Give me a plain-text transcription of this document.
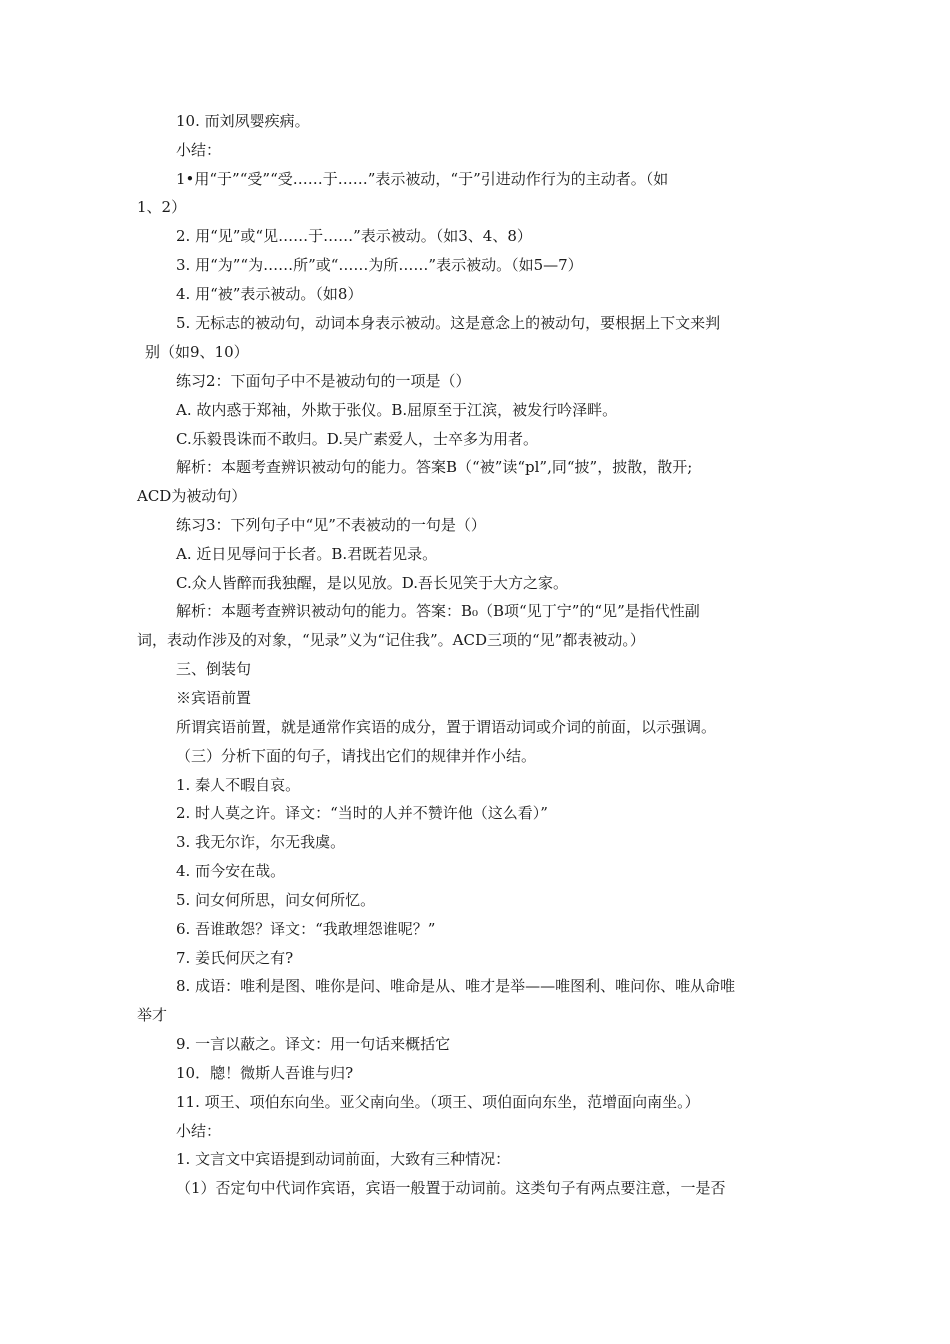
10. 而刘夙婴疾病。
小结：
1•用“于”“受”“受……于……”表示被动，“于”引进动作行为的主动者。（如
1、2）
2. 用“见”或“见……于……”表示被动。（如3、4、8）
3. 用“为”“为……所”或“……为所……”表示被动。（如5—7）
4. 用“被”表示被动。（如8）
5. 无标志的被动句，动词本身表示被动。这是意念上的被动句，要根据上下文来判
别（如9、10）
练习2：下面句子中不是被动句的一项是（）
A. 故内惑于郑袖，外欺于张仪。B.屈原至于江滨，被发行吟泽畔。
C.乐毅畏诛而不敢归。D.吴广素爱人，士卒多为用者。
解析：本题考查辨识被动句的能力。答案B（“被”读“pl”,同“披”，披散，散开;
ACD为被动句）
练习3：下列句子中“见”不表被动的一句是（）
A. 近日见辱问于长者。B.君既若见录。
C.众人皆醉而我独醒，是以见放。D.吾长见笑于大方之家。
解析：本题考查辨识被动句的能力。答案：B₀（B项“见丁宁”的“见”是指代性副
词，表动作涉及的对象，“见录”义为“记住我”。ACD三项的“见”都表被动。）
三、倒装句
※宾语前置
所谓宾语前置，就是通常作宾语的成分，置于谓语动词或介词的前面，以示强调。
（三）分析下面的句子，请找出它们的规律并作小结。
1. 秦人不暇自哀。
2. 时人莫之许。译文：“当时的人并不赞许他（这么看）”
3. 我无尔诈，尔无我虞。
4. 而今安在哉。
5. 问女何所思，问女何所忆。
6. 吾谁敢怨？译文：“我敢埋怨谁呢？”
7. 姜氏何厌之有?
8. 成语：唯利是图、唯你是问、唯命是从、唯才是举——唯图利、唯问你、唯从命唯
举才
9. 一言以蔽之。译文：用一句话来概括它
10．牕！微斯人吾谁与归?
11. 项王、项伯东向坐。亚父南向坐。（项王、项伯面向东坐，范增面向南坐。）
小结：
1. 文言文中宾语提到动词前面，大致有三种情况：
（1）否定句中代词作宾语，宾语一般置于动词前。这类句子有两点要注意，一是否
